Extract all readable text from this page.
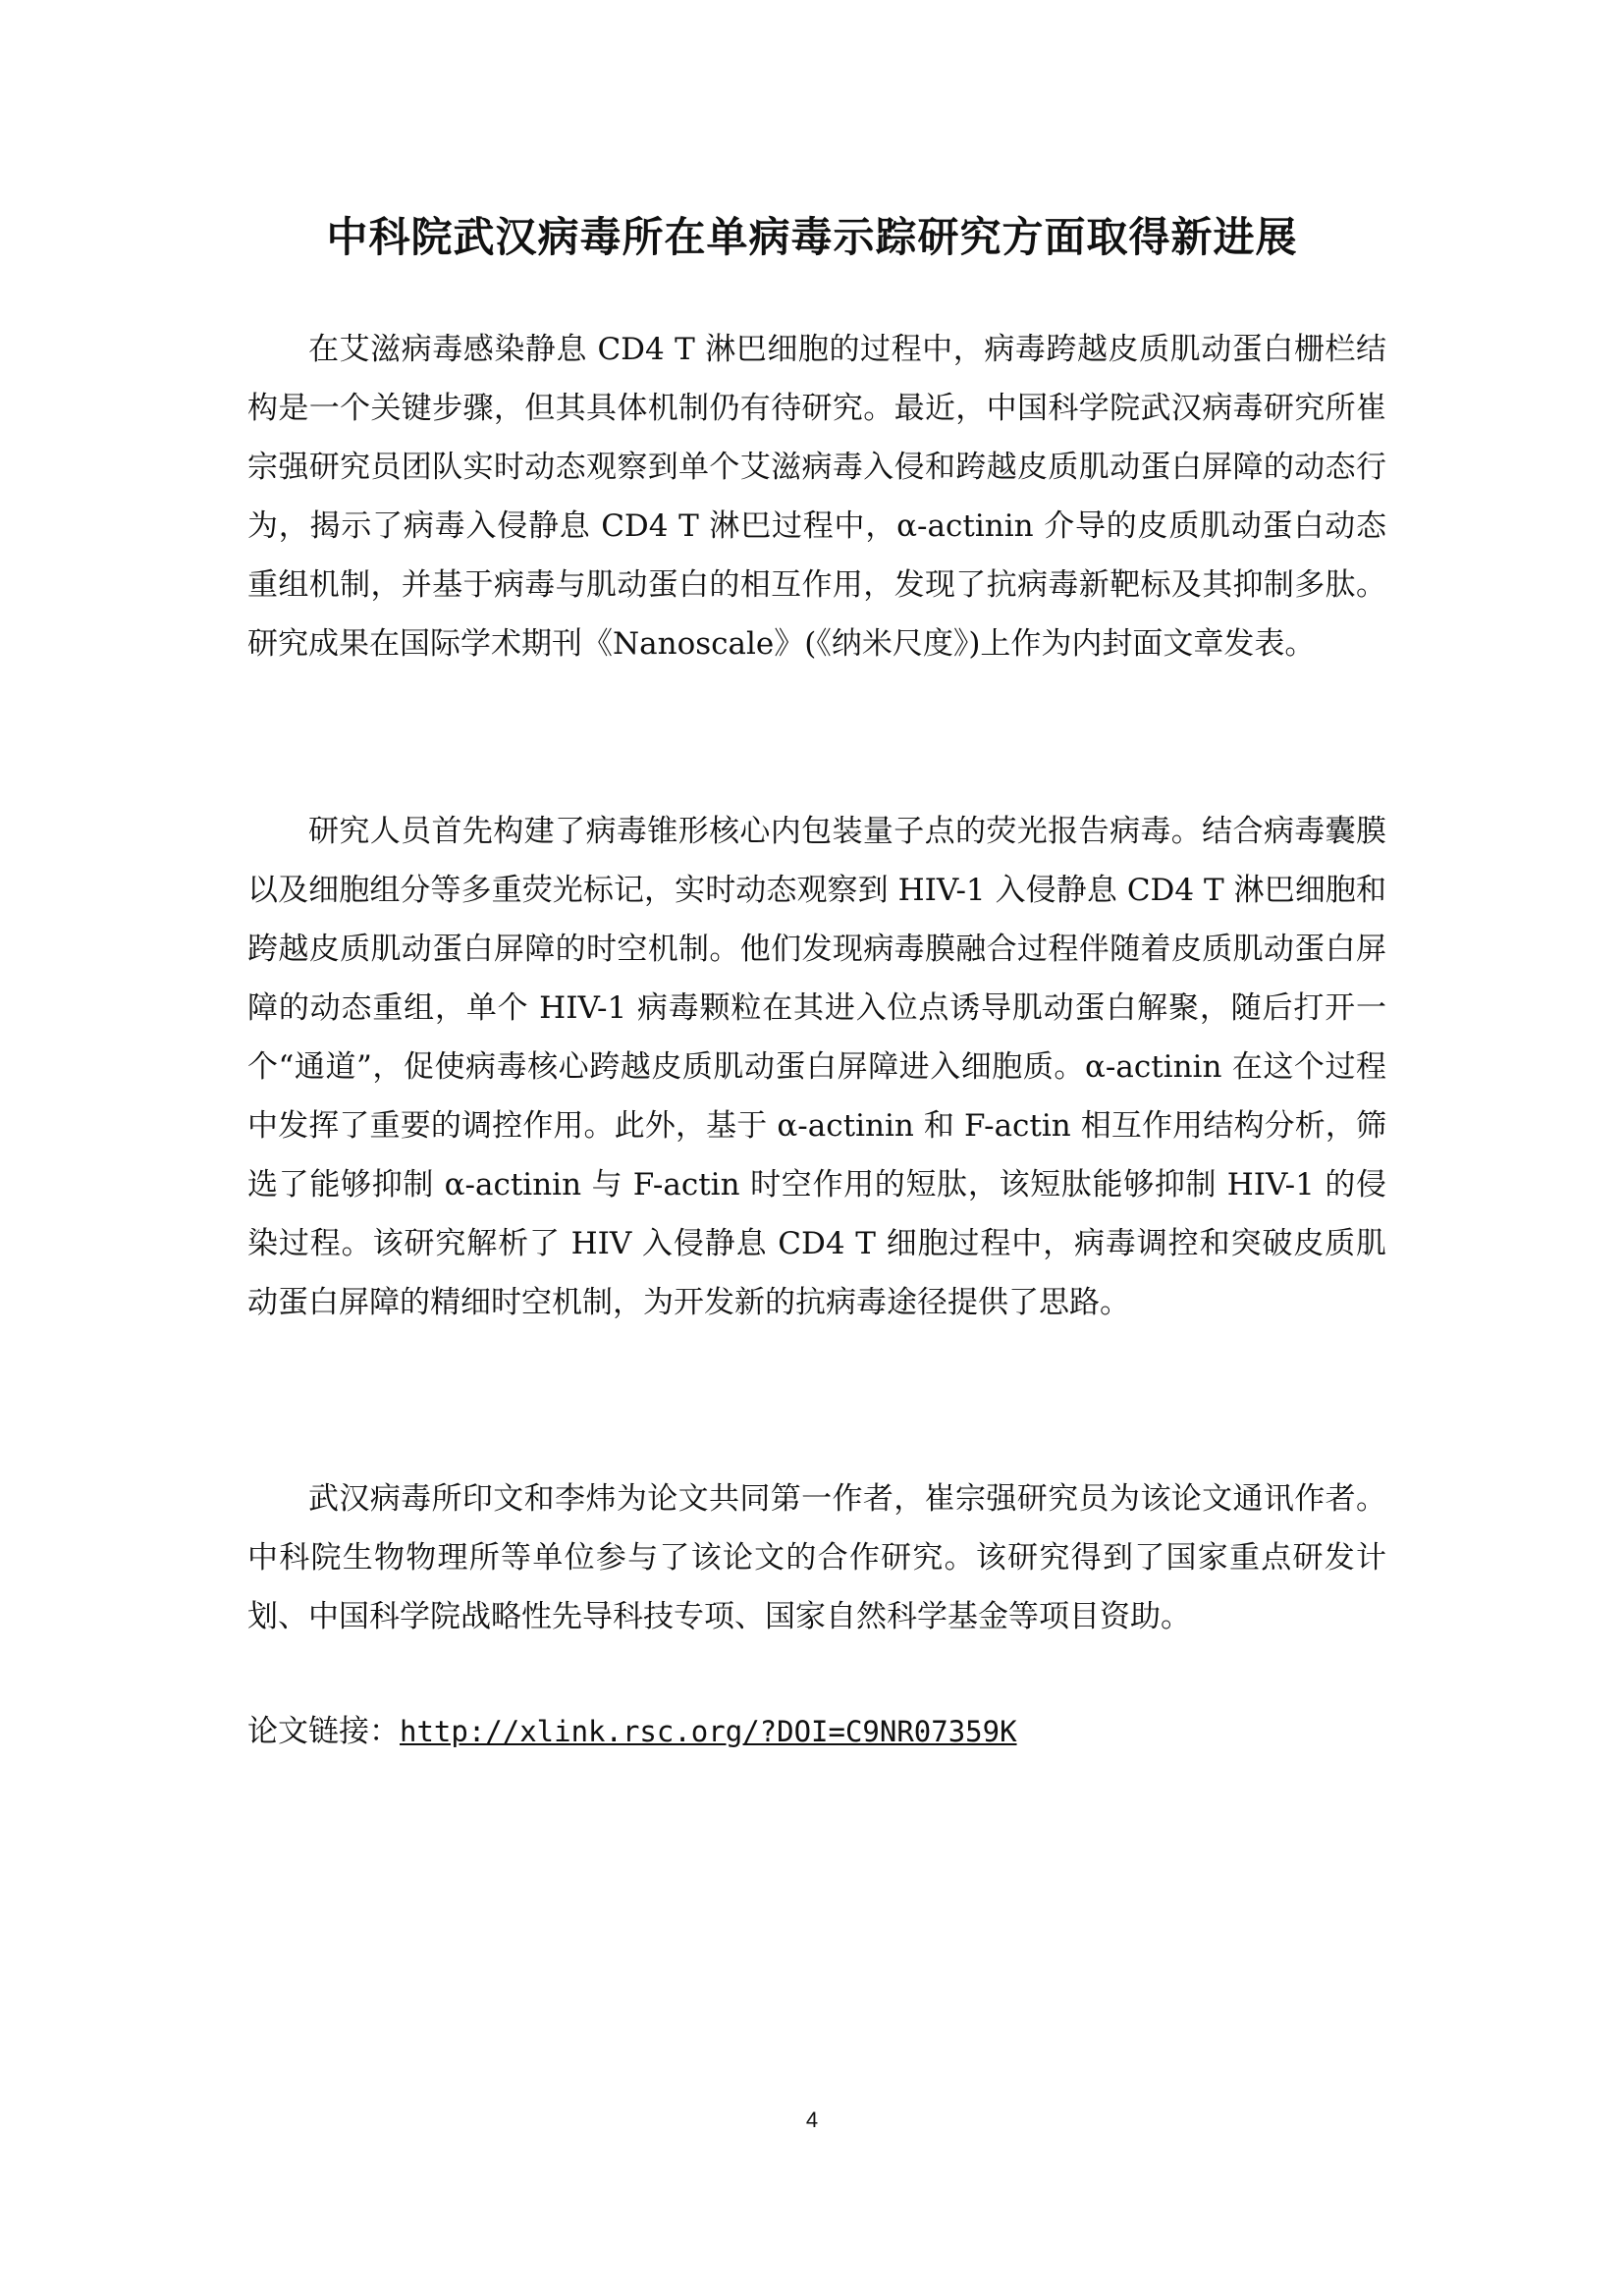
中科院武汉病毒所在单病毒示踪研究方面取得新进展

在艾滋病毒感染静息 CD4 T 淋巴细胞的过程中，病毒跨越皮质肌动蛋白栅栏结构是一个关键步骤，但其具体机制仍有待研究。最近，中国科学院武汉病毒研究所崔宗强研究员团队实时动态观察到单个艾滋病毒入侵和跨越皮质肌动蛋白屏障的动态行为，揭示了病毒入侵静息 CD4 T 淋巴过程中，α-actinin 介导的皮质肌动蛋白动态重组机制，并基于病毒与肌动蛋白的相互作用，发现了抗病毒新靶标及其抑制多肽。研究成果在国际学术期刊《Nanoscale》(《纳米尺度》)上作为内封面文章发表。

研究人员首先构建了病毒锥形核心内包装量子点的荧光报告病毒。结合病毒囊膜以及细胞组分等多重荧光标记，实时动态观察到 HIV-1 入侵静息 CD4 T 淋巴细胞和跨越皮质肌动蛋白屏障的时空机制。他们发现病毒膜融合过程伴随着皮质肌动蛋白屏障的动态重组，单个 HIV-1 病毒颗粒在其进入位点诱导肌动蛋白解聚，随后打开一个“通道”，促使病毒核心跨越皮质肌动蛋白屏障进入细胞质。α-actinin 在这个过程中发挥了重要的调控作用。此外，基于 α-actinin 和 F-actin 相互作用结构分析，筛选了能够抑制 α-actinin 与 F-actin 时空作用的短肽，该短肽能够抑制 HIV-1 的侵染过程。该研究解析了 HIV 入侵静息 CD4 T 细胞过程中，病毒调控和突破皮质肌动蛋白屏障的精细时空机制，为开发新的抗病毒途径提供了思路。

武汉病毒所印文和李炜为论文共同第一作者，崔宗强研究员为该论文通讯作者。中科院生物物理所等单位参与了该论文的合作研究。该研究得到了国家重点研发计划、中国科学院战略性先导科技专项、国家自然科学基金等项目资助。

论文链接：http://xlink.rsc.org/?DOI=C9NR07359K

4
